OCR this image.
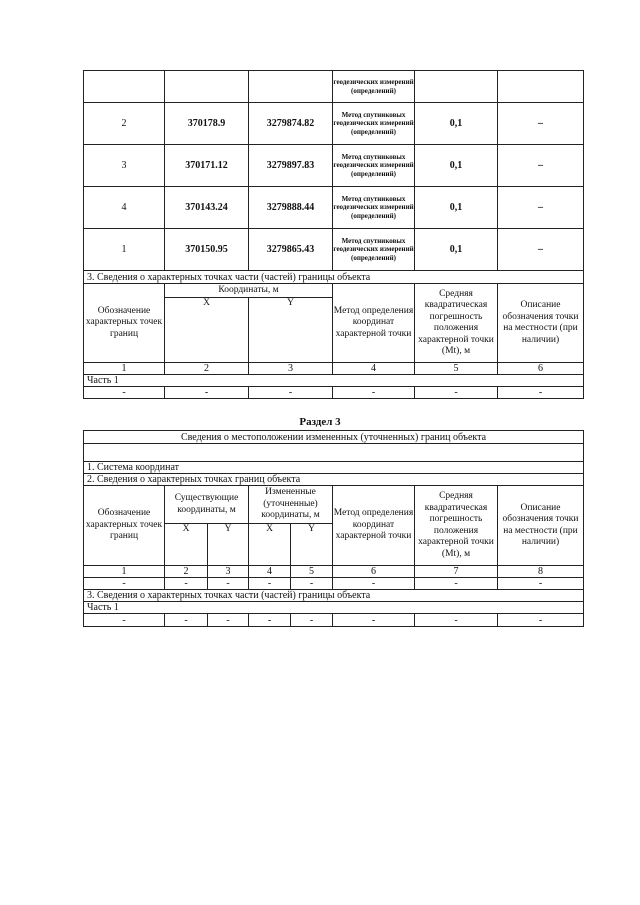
			геодезических измерений (определений)		
2	370178.9	3279874.82	Метод спутниковых геодезических измерений (определений)	0,1	–
3	370171.12	3279897.83	Метод спутниковых геодезических измерений (определений)	0,1	–
4	370143.24	3279888.44	Метод спутниковых геодезических измерений (определений)	0,1	–
1	370150.95	3279865.43	Метод спутниковых геодезических измерений (определений)	0,1	–
3. Сведения о характерных точках части (частей) границы объекта					
Обозначение характерных точек границ	Координаты, м		Метод определения координат характерной точки	Средняя квадратическая погрешность положения характерной точки (Mt), м	Описание обозначения точки на местности (при наличии)
	X	Y			
1	2	3	4	5	6
Часть 1					
-	-	-	-	-	-
Раздел 3
Сведения о местоположении измененных (уточненных) границ объекта							

1. Система координат							
2. Сведения о характерных точках границ объекта							
Обозначение характерных точек границ	Существующие координаты, м		Измененные (уточненные) координаты, м		Метод определения координат характерной точки	Средняя квадратическая погрешность положения характерной точки (Mt), м	Описание обозначения точки на местности (при наличии)
	X	Y	X	Y			
1	2	3	4	5	6	7	8
-	-	-	-	-	-	-	-
3. Сведения о характерных точках части (частей) границы объекта							
Часть 1							
-	-	-	-	-	-	-	-
